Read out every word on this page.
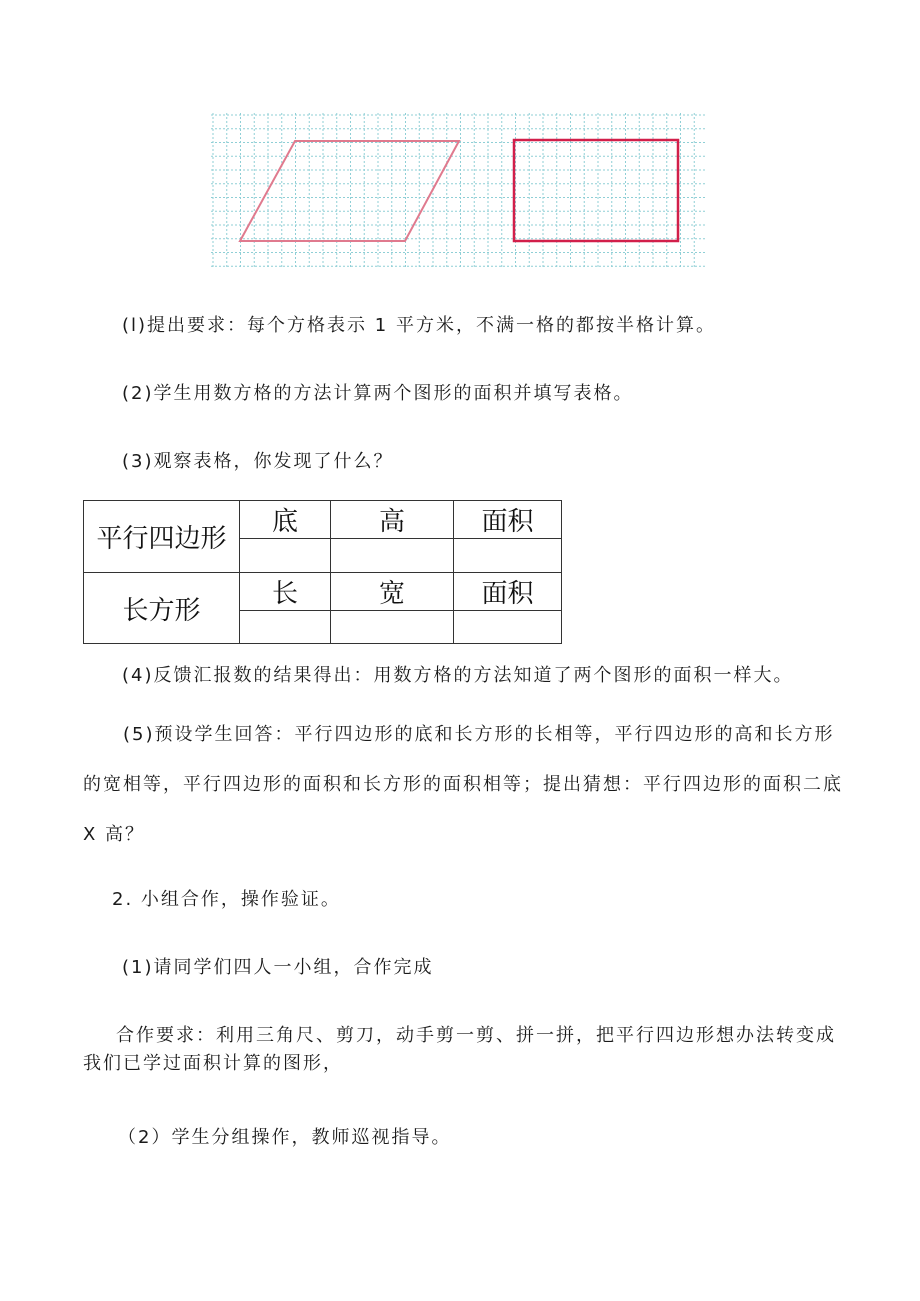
(l)提出要求：每个方格表示 1 平方米，不满一格的都按半格计算。

(2)学生用数方格的方法计算两个图形的面积并填写表格。

(3)观察表格，你发现了什么？

平行四边形	底	高	面积

长方形	长	宽	面积

(4)反馈汇报数的结果得出：用数方格的方法知道了两个图形的面积一样大。

(5)预设学生回答：平行四边形的底和长方形的长相等，平行四边形的高和长方形
的宽相等，平行四边形的面积和长方形的面积相等；提出猜想：平行四边形的面积二底
X 高？

2. 小组合作，操作验证。

(1)请同学们四人一小组，合作完成

合作要求：利用三角尺、剪刀，动手剪一剪、拼一拼，把平行四边形想办法转变成
我们已学过面积计算的图形，

（2）学生分组操作，教师巡视指导。
